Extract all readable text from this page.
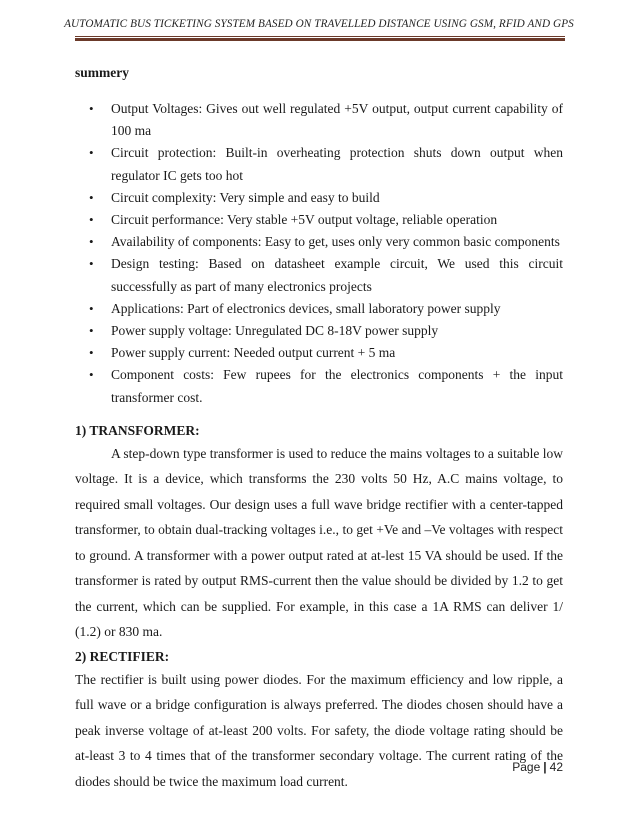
AUTOMATIC BUS TICKETING SYSTEM BASED ON TRAVELLED DISTANCE USING GSM, RFID AND GPS
summery
• Output Voltages: Gives out well regulated +5V output, output current capability of 100 ma
• Circuit protection: Built-in overheating protection shuts down output when regulator IC gets too hot
• Circuit complexity: Very simple and easy to build
• Circuit performance: Very stable +5V output voltage, reliable operation
• Availability of components: Easy to get, uses only very common basic components
• Design testing: Based on datasheet example circuit, We used this circuit successfully as part of many electronics projects
• Applications: Part of electronics devices, small laboratory power supply
• Power supply voltage: Unregulated DC 8-18V power supply
• Power supply current: Needed output current + 5 ma
• Component costs: Few rupees for the electronics components + the input transformer cost.
1) TRANSFORMER:

A step-down type transformer is used to reduce the mains voltages to a suitable low voltage. It is a device, which transforms the 230 volts 50 Hz, A.C mains voltage, to required small voltages. Our design uses a full wave bridge rectifier with a center-tapped transformer, to obtain dual-tracking voltages i.e., to get +Ve and –Ve voltages with respect to ground. A transformer with a power output rated at at-lest 15 VA should be used. If the transformer is rated by output RMS-current then the value should be divided by 1.2 to get the current, which can be supplied. For example, in this case a 1A RMS can deliver 1/ (1.2) or 830 ma.

2) RECTIFIER:

The rectifier is built using power diodes. For the maximum efficiency and low ripple, a full wave or a bridge configuration is always preferred. The diodes chosen should have a peak inverse voltage of at-least 200 volts. For safety, the diode voltage rating should be at-least 3 to 4 times that of the transformer secondary voltage. The current rating of the diodes should be twice the maximum load current.

Page | 42
